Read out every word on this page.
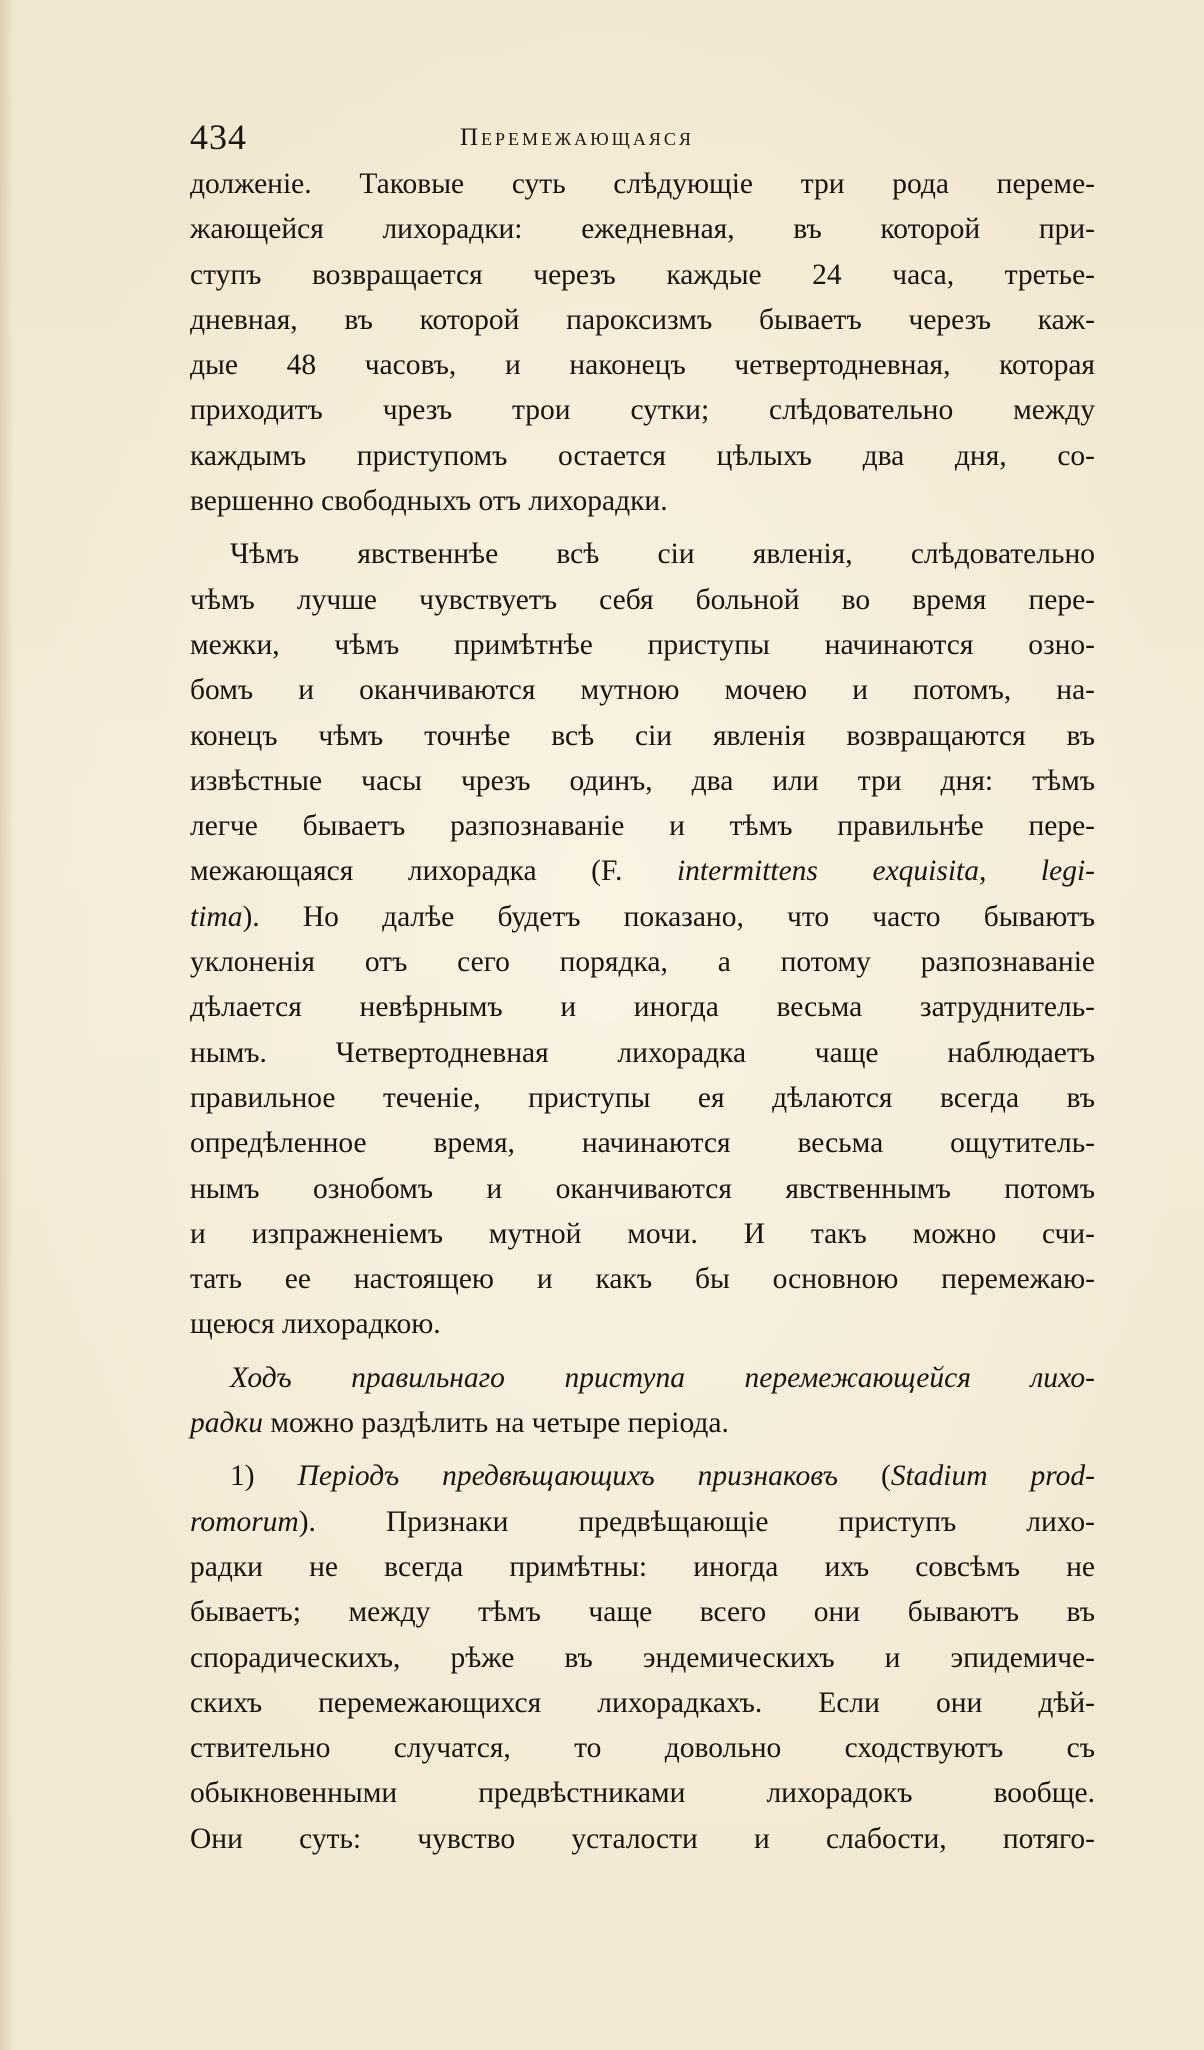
434	Перемежающаяся

долженіе. Таковые суть слѣдующіе три рода переме-
жающейся лихорадки: ежедневная, въ которой при-
ступъ возвращается черезъ каждые 24 часа, третье-
дневная, въ которой пароксизмъ бываетъ черезъ каж-
дые 48 часовъ, и наконецъ четвертодневная, которая
приходитъ чрезъ трои сутки; слѣдовательно между
каждымъ приступомъ остается цѣлыхъ два дня, со-
вершенно свободныхъ отъ лихорадки.

Чѣмъ явственнѣе всѣ сіи явленія, слѣдовательно
чѣмъ лучше чувствуетъ себя больной во время пере-
межки, чѣмъ примѣтнѣе приступы начинаются озно-
бомъ и оканчиваются мутною мочею и потомъ, на-
конецъ чѣмъ точнѣе всѣ сіи явленія возвращаются въ
извѣстные часы чрезъ одинъ, два или три дня: тѣмъ
легче бываетъ разпознаваніе и тѣмъ правильнѣе пере-
межающаяся лихорадка (F. intermittens exquisita, legi-
tima). Но далѣе будетъ показано, что часто бываютъ
уклоненія отъ сего порядка, а потому разпознаваніе
дѣлается невѣрнымъ и иногда весьма затруднитель-
нымъ. Четвертодневная лихорадка чаще наблюдаетъ
правильное теченіе, приступы ея дѣлаются всегда въ
опредѣленное время, начинаются весьма ощутитель-
нымъ ознобомъ и оканчиваются явственнымъ потомъ
и изпражненіемъ мутной мочи. И такъ можно счи-
тать ее настоящею и какъ бы основною перемежаю-
щеюся лихорадкою.

Ходъ правильнаго приступа перемежающейся лихо-
радки можно раздѣлить на четыре періода.

1) Періодъ предвѣщающихъ признаковъ (Stadium prod-
romorum). Признаки предвѣщающіе приступъ лихо-
радки не всегда примѣтны: иногда ихъ совсѣмъ не
бываетъ; между тѣмъ чаще всего они бываютъ въ
спорадическихъ, рѣже въ эндемическихъ и эпидемиче-
скихъ перемежающихся лихорадкахъ. Если они дѣй-
ствительно случатся, то довольно сходствуютъ съ
обыкновенными предвѣстниками лихорадокъ вообще.
Они суть: чувство усталости и слабости, потяго-
